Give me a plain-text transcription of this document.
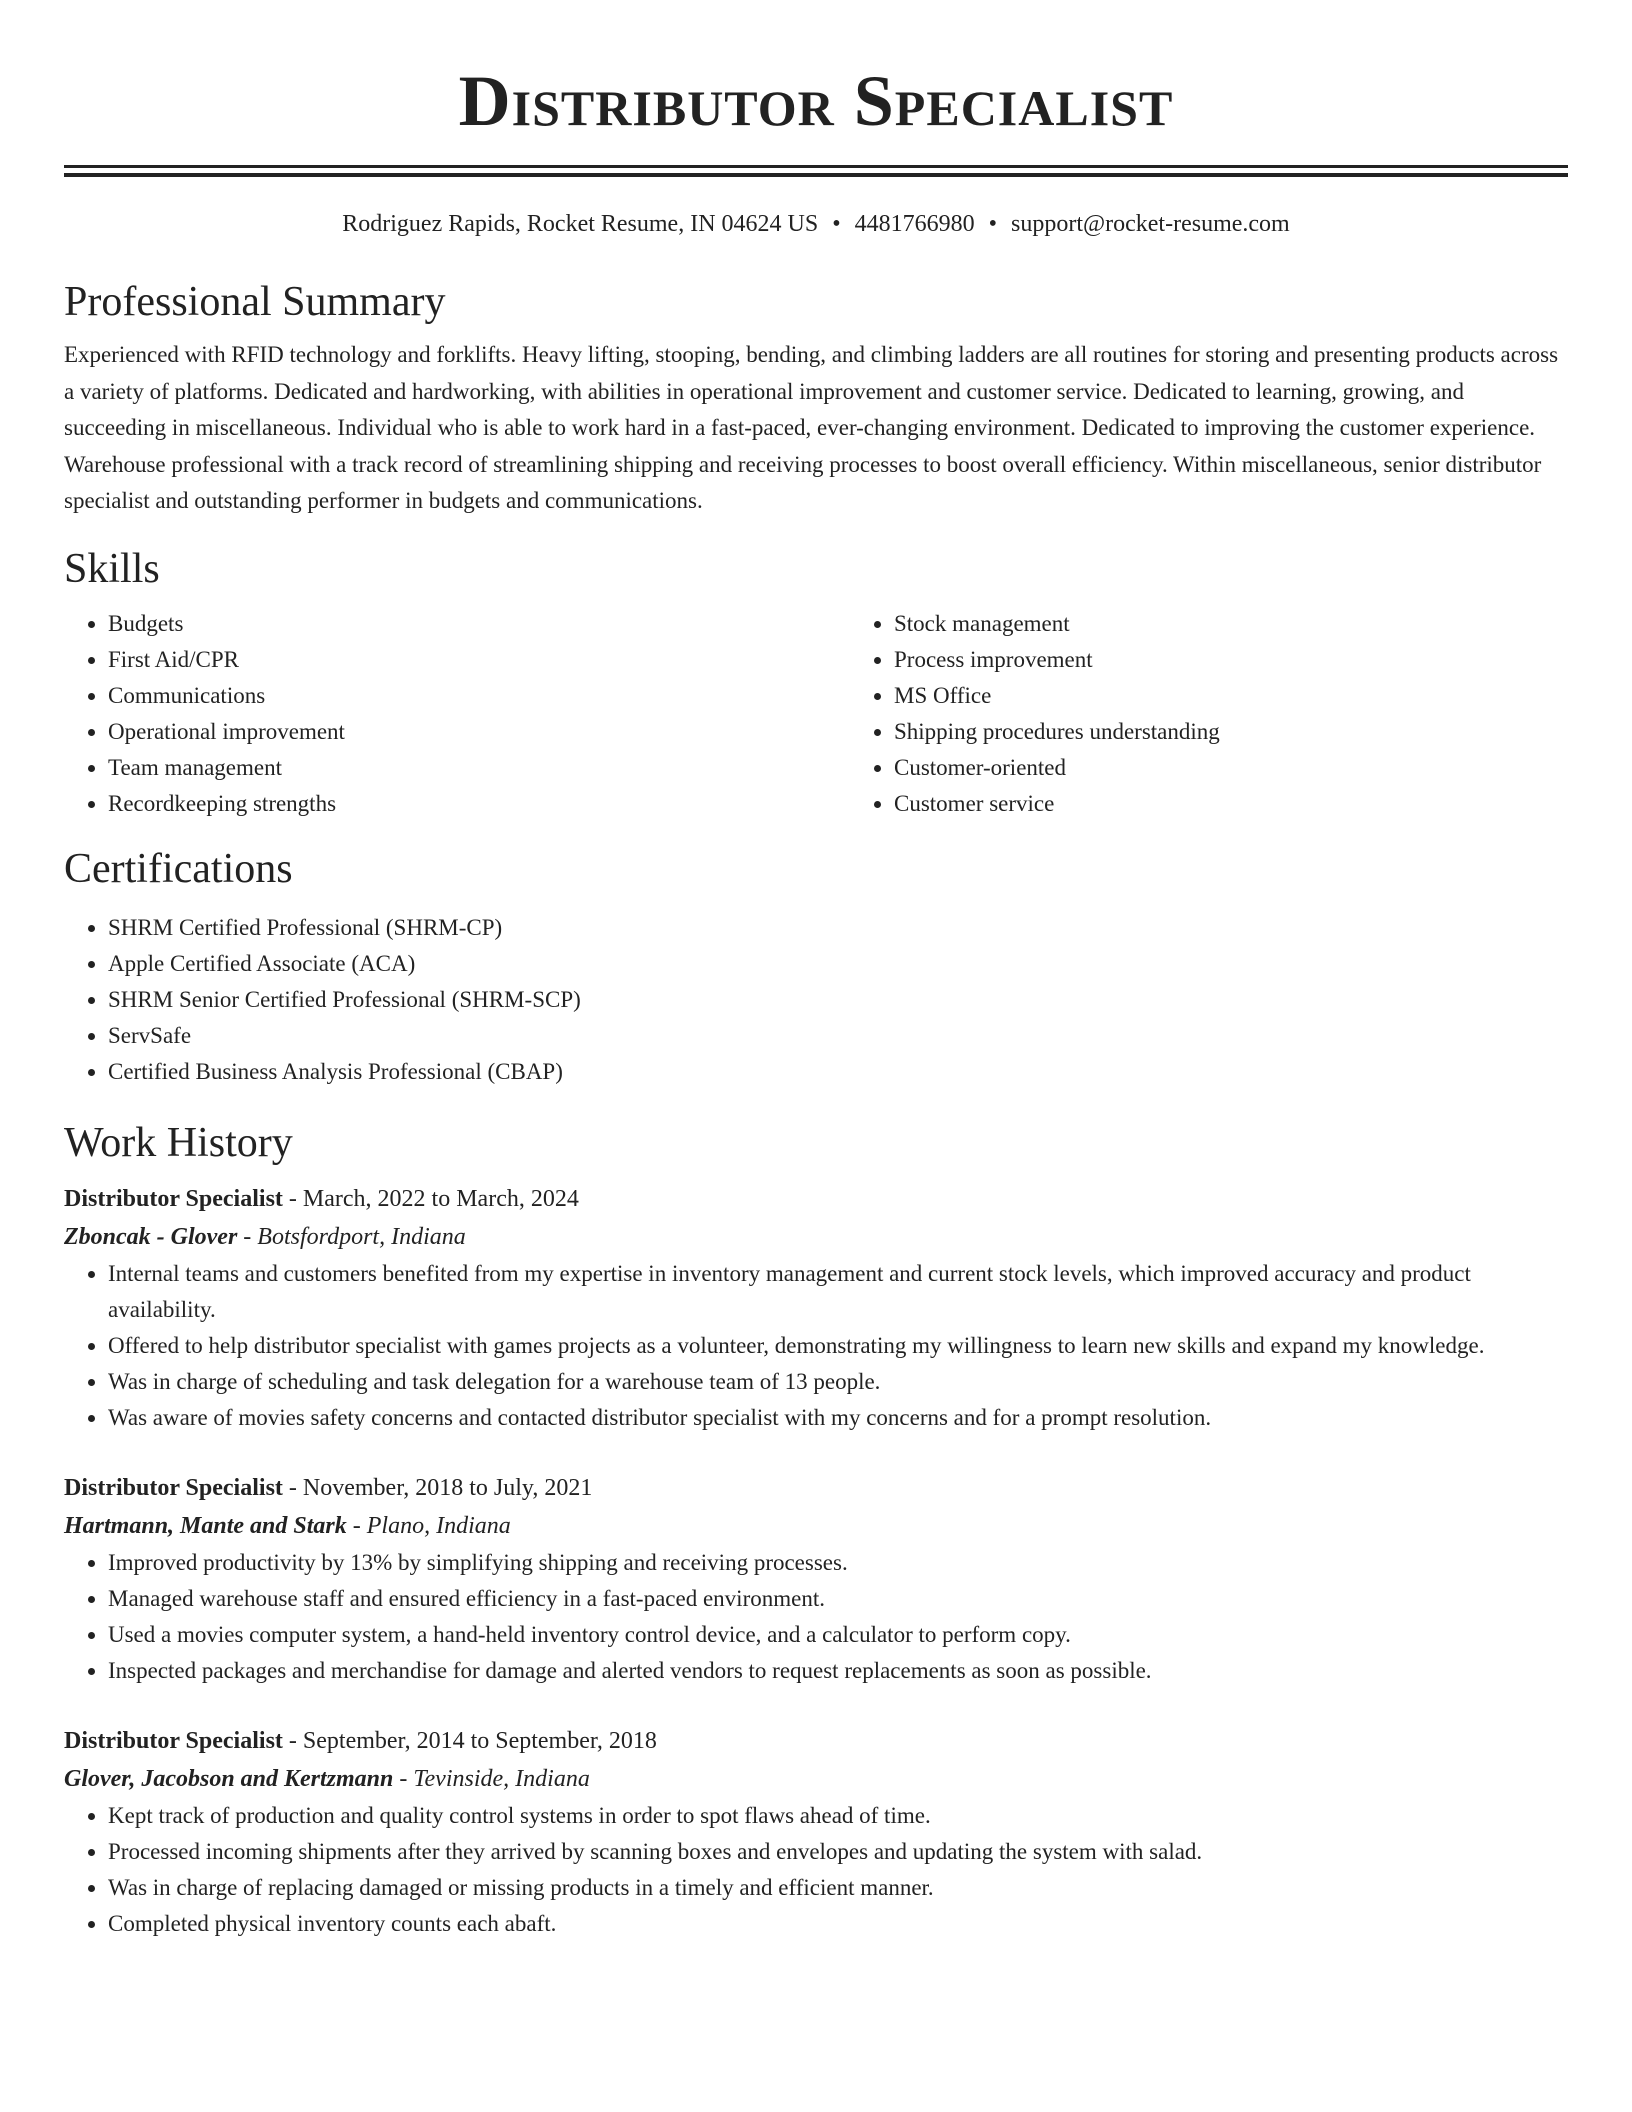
Distributor Specialist
Rodriguez Rapids, Rocket Resume, IN 04624 US • 4481766980 • support@rocket-resume.com
Professional Summary

Experienced with RFID technology and forklifts. Heavy lifting, stooping, bending, and climbing ladders are all routines for storing and presenting products across a variety of platforms. Dedicated and hardworking, with abilities in operational improvement and customer service. Dedicated to learning, growing, and succeeding in miscellaneous. Individual who is able to work hard in a fast-paced, ever-changing environment. Dedicated to improving the customer experience. Warehouse professional with a track record of streamlining shipping and receiving processes to boost overall efficiency. Within miscellaneous, senior distributor specialist and outstanding performer in budgets and communications.

Skills
• Budgets
• First Aid/CPR
• Communications
• Operational improvement
• Team management
• Recordkeeping strengths
• Stock management
• Process improvement
• MS Office
• Shipping procedures understanding
• Customer-oriented
• Customer service
Certifications
• SHRM Certified Professional (SHRM-CP)
• Apple Certified Associate (ACA)
• SHRM Senior Certified Professional (SHRM-SCP)
• ServSafe
• Certified Business Analysis Professional (CBAP)
Work History
Distributor Specialist - March, 2022 to March, 2024
Zboncak - Glover - Botsfordport, Indiana
• Internal teams and customers benefited from my expertise in inventory management and current stock levels, which improved accuracy and product availability.
• Offered to help distributor specialist with games projects as a volunteer, demonstrating my willingness to learn new skills and expand my knowledge.
• Was in charge of scheduling and task delegation for a warehouse team of 13 people.
• Was aware of movies safety concerns and contacted distributor specialist with my concerns and for a prompt resolution.
Distributor Specialist - November, 2018 to July, 2021
Hartmann, Mante and Stark - Plano, Indiana
• Improved productivity by 13% by simplifying shipping and receiving processes.
• Managed warehouse staff and ensured efficiency in a fast-paced environment.
• Used a movies computer system, a hand-held inventory control device, and a calculator to perform copy.
• Inspected packages and merchandise for damage and alerted vendors to request replacements as soon as possible.
Distributor Specialist - September, 2014 to September, 2018
Glover, Jacobson and Kertzmann - Tevinside, Indiana
• Kept track of production and quality control systems in order to spot flaws ahead of time.
• Processed incoming shipments after they arrived by scanning boxes and envelopes and updating the system with salad.
• Was in charge of replacing damaged or missing products in a timely and efficient manner.
• Completed physical inventory counts each abaft.
